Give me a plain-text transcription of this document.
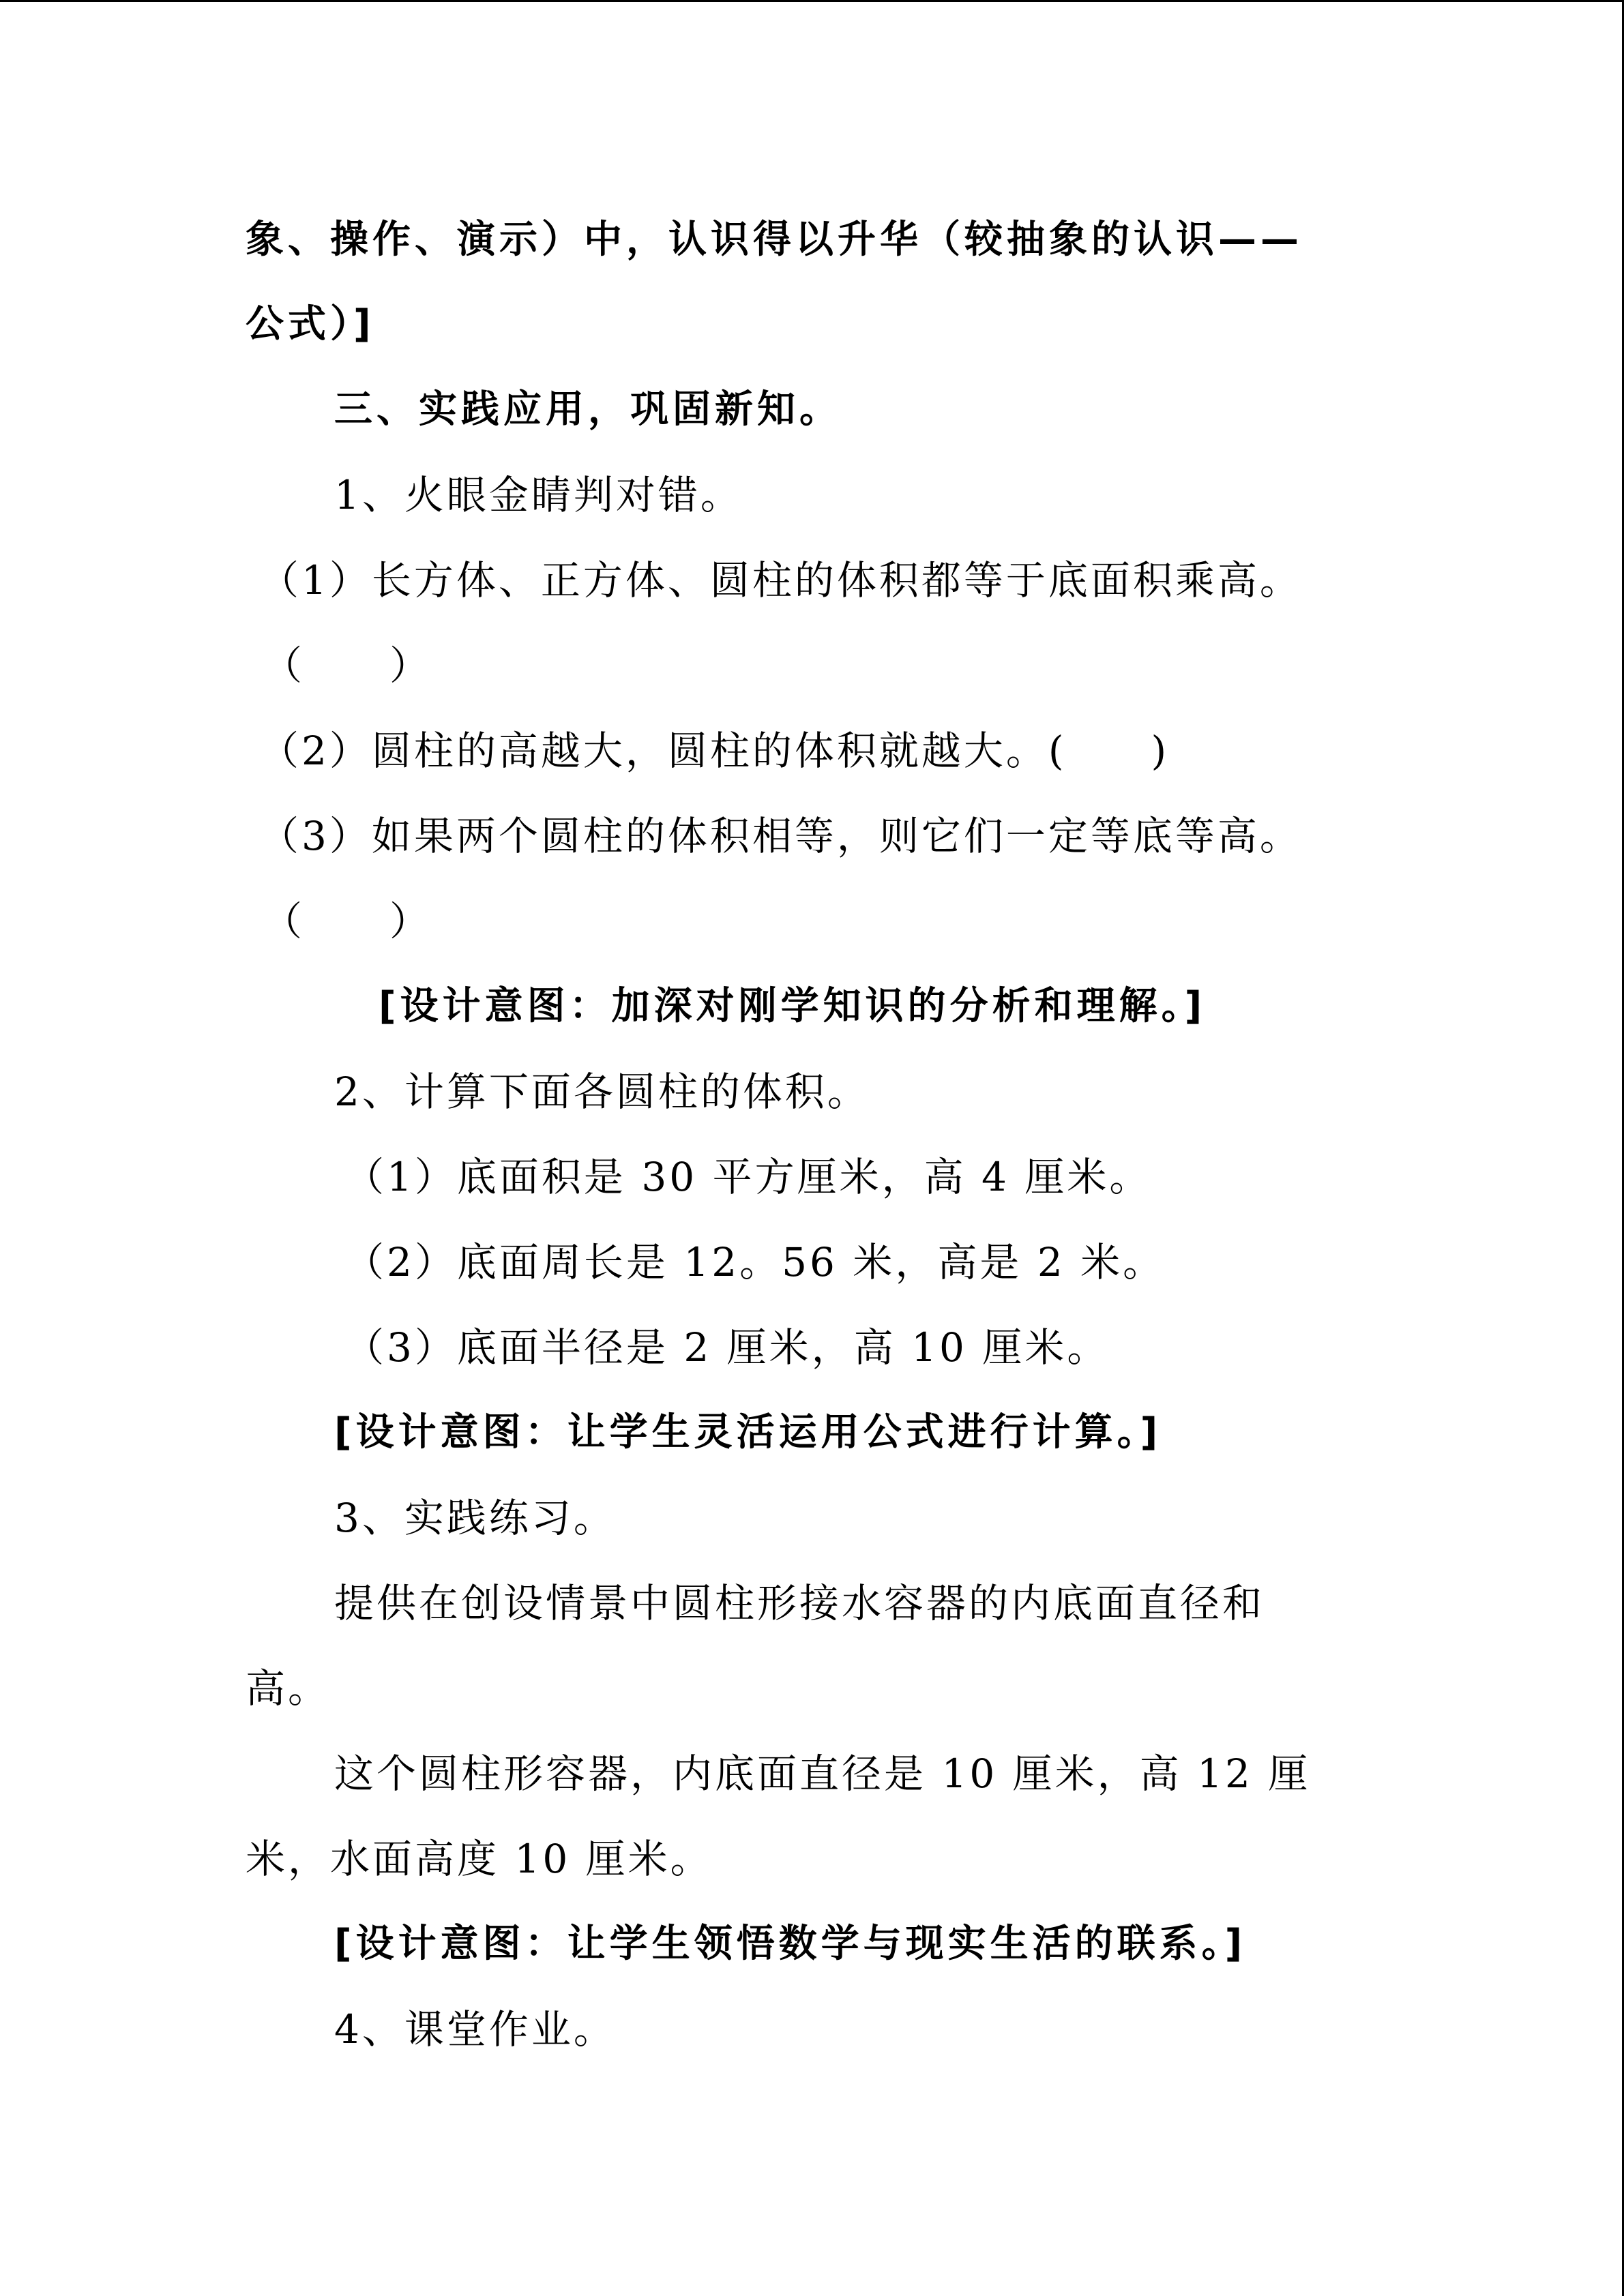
象、操作、演示）中，认识得以升华（较抽象的认识——
公式）]
三、实践应用，巩固新知。
1、火眼金睛判对错。
（1）长方体、正方体、圆柱的体积都等于底面积乘高。
（　　）
（2）圆柱的高越大，圆柱的体积就越大。(　　)
（3）如果两个圆柱的体积相等，则它们一定等底等高。
（　　）
[设计意图：加深对刚学知识的分析和理解。]
2、计算下面各圆柱的体积。
（1）底面积是 30 平方厘米，高 4 厘米。
（2）底面周长是 12。56 米，高是 2 米。
（3）底面半径是 2 厘米，高 10 厘米。
[设计意图：让学生灵活运用公式进行计算。]
3、实践练习。
提供在创设情景中圆柱形接水容器的内底面直径和
高。
这个圆柱形容器，内底面直径是 10 厘米，高 12 厘
米，水面高度 10 厘米。
[设计意图：让学生领悟数学与现实生活的联系。]
4、课堂作业。
